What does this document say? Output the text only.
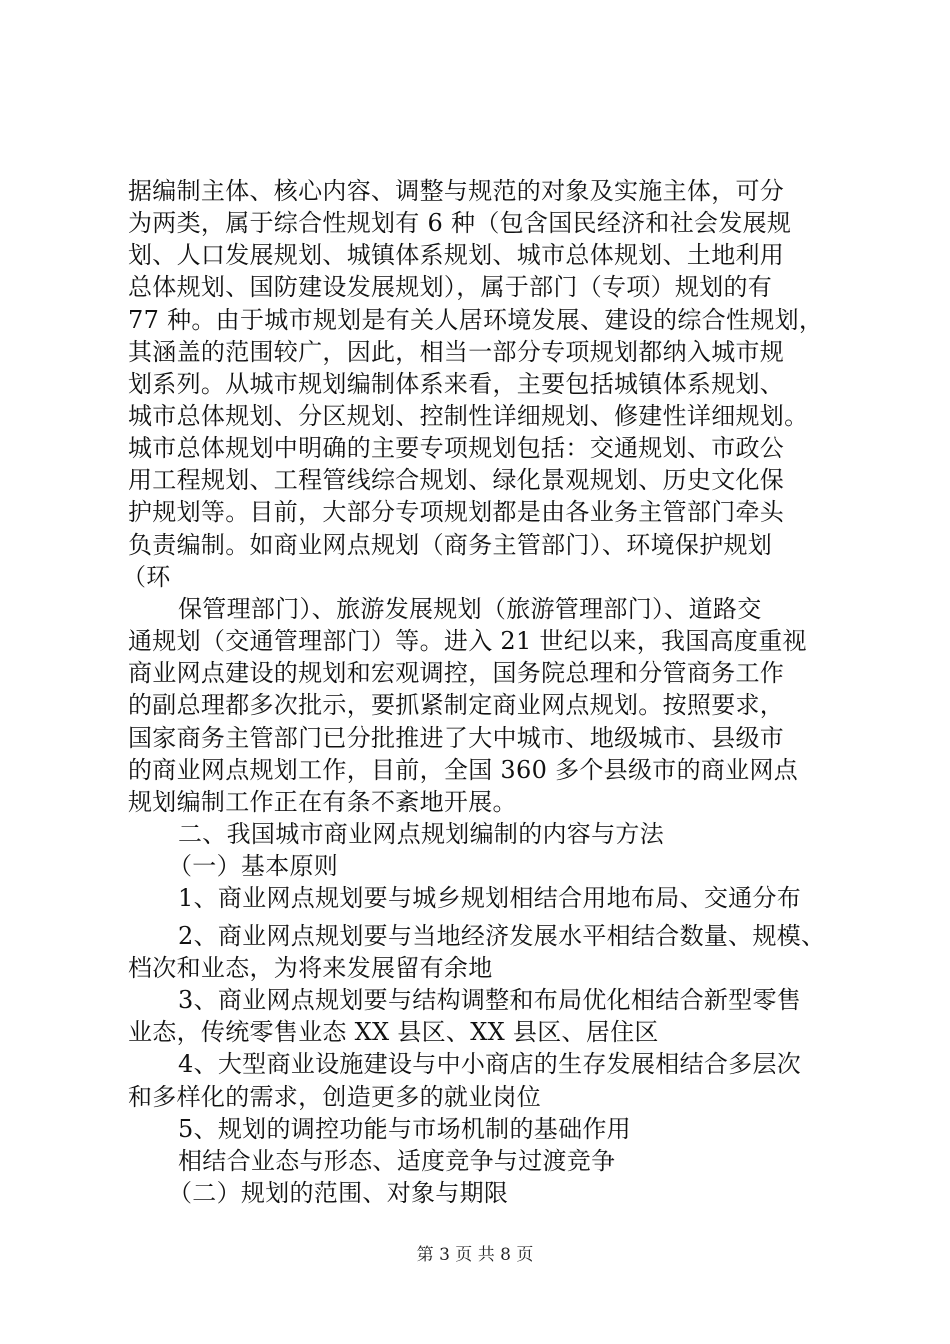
据编制主体、核心内容、调整与规范的对象及实施主体，可分
为两类，属于综合性规划有 6 种（包含国民经济和社会发展规
划、人口发展规划、城镇体系规划、城市总体规划、土地利用
总体规划、国防建设发展规划），属于部门（专项）规划的有
77 种。由于城市规划是有关人居环境发展、建设的综合性规划，
其涵盖的范围较广，因此，相当一部分专项规划都纳入城市规
划系列。从城市规划编制体系来看，主要包括城镇体系规划、
城市总体规划、分区规划、控制性详细规划、修建性详细规划。
城市总体规划中明确的主要专项规划包括：交通规划、市政公
用工程规划、工程管线综合规划、绿化景观规划、历史文化保
护规划等。目前，大部分专项规划都是由各业务主管部门牵头
负责编制。如商业网点规划（商务主管部门）、环境保护规划
（环
保管理部门）、旅游发展规划（旅游管理部门）、道路交
通规划（交通管理部门）等。进入 21 世纪以来，我国高度重视
商业网点建设的规划和宏观调控，国务院总理和分管商务工作
的副总理都多次批示，要抓紧制定商业网点规划。按照要求，
国家商务主管部门已分批推进了大中城市、地级城市、县级市
的商业网点规划工作，目前，全国 360 多个县级市的商业网点
规划编制工作正在有条不紊地开展。
二、我国城市商业网点规划编制的内容与方法
（一）基本原则
1、商业网点规划要与城乡规划相结合用地布局、交通分布
2、商业网点规划要与当地经济发展水平相结合数量、规模、
档次和业态，为将来发展留有余地
3、商业网点规划要与结构调整和布局优化相结合新型零售
业态，传统零售业态 XX 县区、XX 县区、居住区
4、大型商业设施建设与中小商店的生存发展相结合多层次
和多样化的需求，创造更多的就业岗位
5、规划的调控功能与市场机制的基础作用
相结合业态与形态、适度竞争与过渡竞争
（二）规划的范围、对象与期限
第 3 页 共 8 页
